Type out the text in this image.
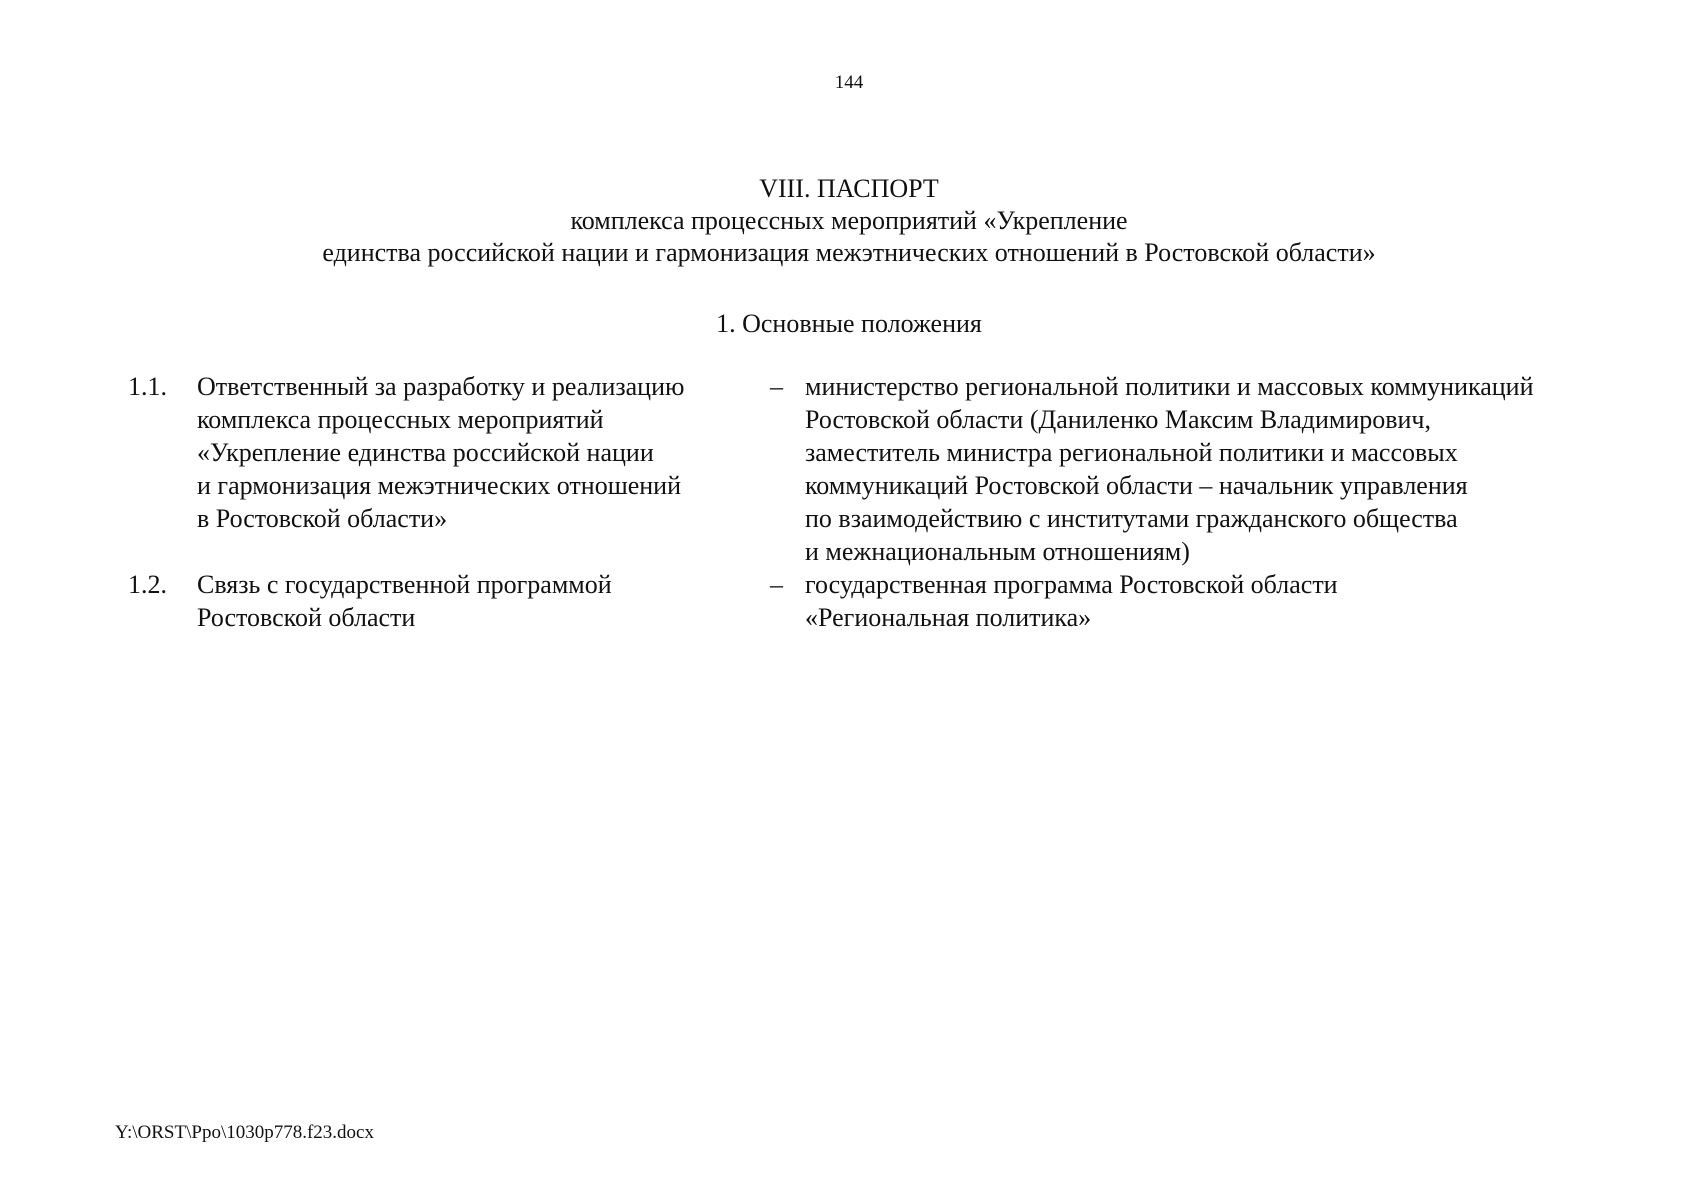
144
VIII. ПАСПОРТ
комплекса процессных мероприятий «Укрепление
единства российской нации и гармонизация межэтнических отношений в Ростовской области»
1. Основные положения
1.1. Ответственный за разработку и реализацию
комплекса процессных мероприятий
«Укрепление единства российской нации
и гармонизация межэтнических отношений
в Ростовской области»
– министерство региональной политики и массовых коммуникаций
Ростовской области (Даниленко Максим Владимирович,
заместитель министра региональной политики и массовых
коммуникаций Ростовской области – начальник управления
по взаимодействию с институтами гражданского общества
и межнациональным отношениям)
1.2. Связь с государственной программой
Ростовской области
– государственная программа Ростовской области
«Региональная политика»
Y:\ORST\Ppo\1030p778.f23.docx
